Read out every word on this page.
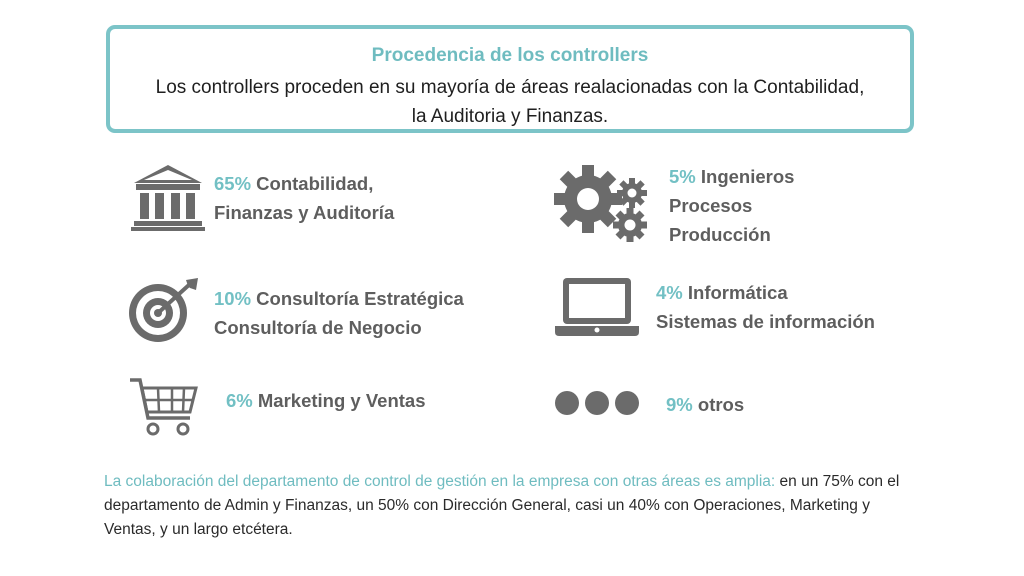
Procedencia de los controllers
Los controllers proceden en su mayoría de áreas realacionadas con la Contabilidad, la Auditoria y Finanzas.
65% Contabilidad,
Finanzas y Auditoría
10% Consultoría Estratégica
Consultoría de Negocio
6% Marketing y Ventas
5% Ingenieros
Procesos
Producción
4% Informática
Sistemas de información
9% otros
La colaboración del departamento de control de gestión en la empresa con otras áreas es amplia: en un 75% con el departamento de Admin y Finanzas, un 50% con Dirección General, casi un 40% con Operaciones, Marketing y Ventas, y un largo etcétera.
